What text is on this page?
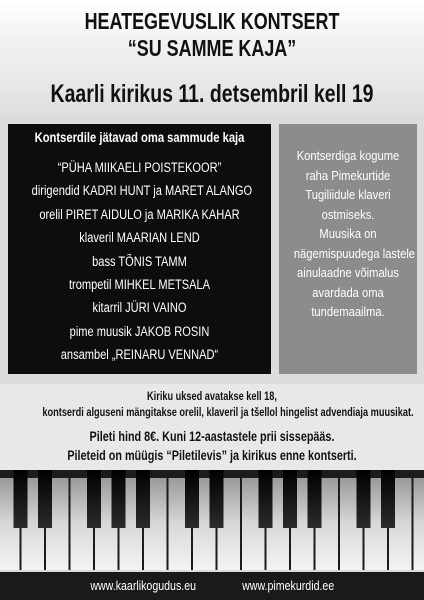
HEATEGEVUSLIK KONTSERT
“SU SAMME KAJA”
Kaarli kirikus 11. detsembril kell 19
Kontserdile jätavad oma sammude kaja
“PÜHA MIIKAELI POISTEKOOR”
dirigendid KADRI HUNT ja MARET ALANGO
orelil PIRET AIDULO ja MARIKA KAHAR
klaveril MAARIAN LEND
bass TÕNIS TAMM
trompetil MIHKEL METSALA
kitarril JÜRI VAINO
pime muusik JAKOB ROSIN
ansambel „REINARU VENNAD“
Kontserdiga kogume
raha Pimekurtide
Tugiliidule klaveri
ostmiseks.
Muusika on
nägemispuudega lastele
ainulaadne võimalus
avardada oma
tundemaailma.
Kiriku uksed avatakse kell 18,
kontserdi alguseni mängitakse orelil, klaveril ja tšellol hingelist advendiaja muusikat.
Pileti hind 8€. Kuni 12-aastastele prii sissepääs.
Pileteid on müügis “Piletilevis” ja kirikus enne kontserti.
www.kaarlikogudus.eu	www.pimekurdid.ee
